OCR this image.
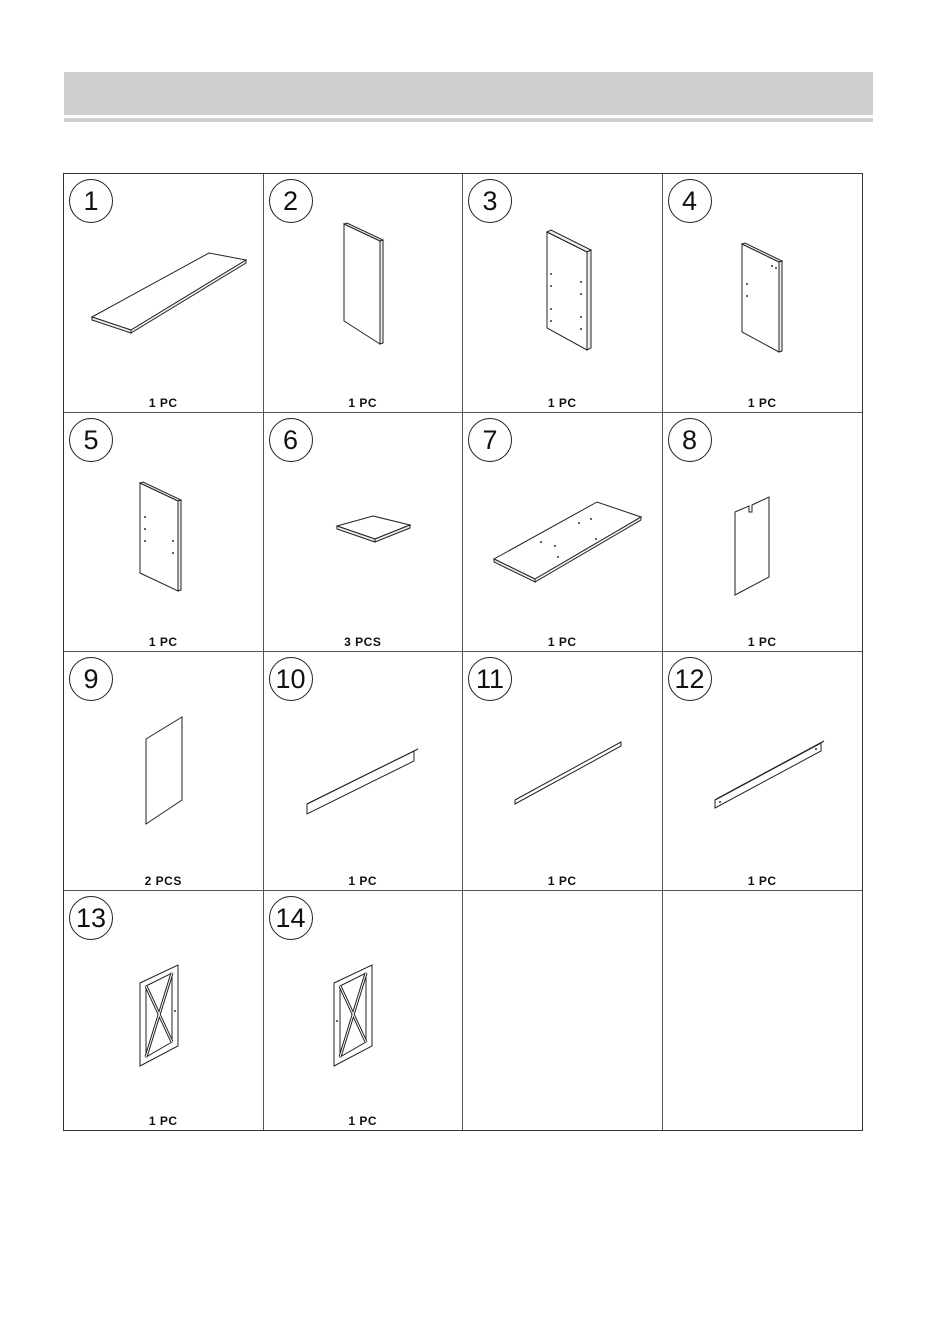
1
1 PC
2
1 PC
3
1 PC
4
1 PC
5
1 PC
6
3 PCS
7
1 PC
8
1 PC
9
2 PCS
10
1 PC
11
1 PC
12
1 PC
13
1 PC
14
1 PC
